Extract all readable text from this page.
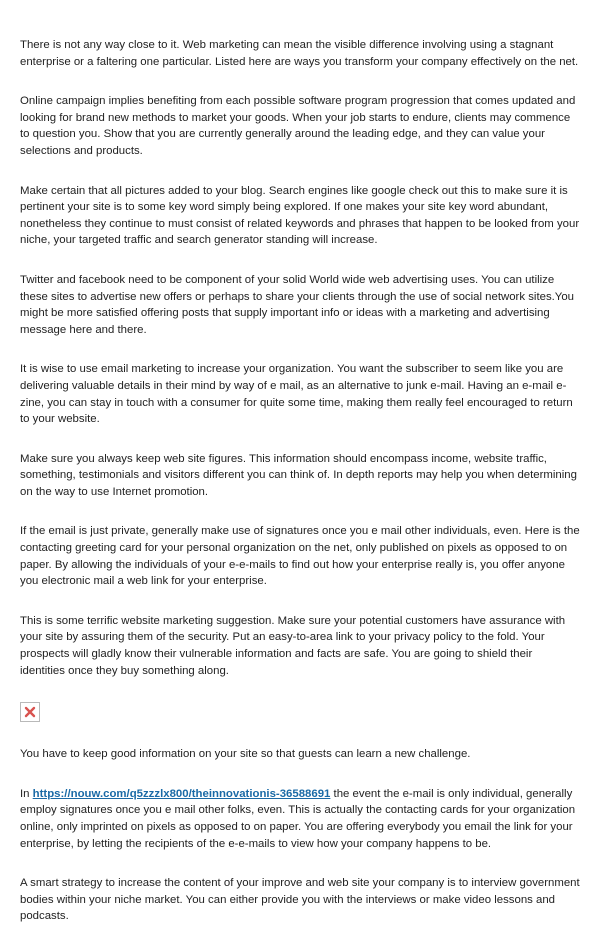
There is not any way close to it. Web marketing can mean the visible difference involving using a stagnant enterprise or a faltering one particular. Listed here are ways you transform your company effectively on the net.

Online campaign implies benefiting from each possible software program progression that comes updated and looking for brand new methods to market your goods. When your job starts to endure, clients may commence to question you. Show that you are currently generally around the leading edge, and they can value your selections and products.

Make certain that all pictures added to your blog. Search engines like google check out this to make sure it is pertinent your site is to some key word simply being explored. If one makes your site key word abundant, nonetheless they continue to must consist of related keywords and phrases that happen to be looked from your niche, your targeted traffic and search generator standing will increase.

Twitter and facebook need to be component of your solid World wide web advertising uses. You can utilize these sites to advertise new offers or perhaps to share your clients through the use of social network sites.You might be more satisfied offering posts that supply important info or ideas with a marketing and advertising message here and there.

It is wise to use email marketing to increase your organization. You want the subscriber to seem like you are delivering valuable details in their mind by way of e mail, as an alternative to junk e-mail. Having an e-mail e-zine, you can stay in touch with a consumer for quite some time, making them really feel encouraged to return to your website.

Make sure you always keep web site figures. This information should encompass income, website traffic, something, testimonials and visitors different you can think of. In depth reports may help you when determining on the way to use Internet promotion.

If the email is just private, generally make use of signatures once you e mail other individuals, even. Here is the contacting greeting card for your personal organization on the net, only published on pixels as opposed to on paper. By allowing the individuals of your e-e-mails to find out how your enterprise really is, you offer anyone you electronic mail a web link for your enterprise.

This is some terrific website marketing suggestion. Make sure your potential customers have assurance with your site by assuring them of the security. Put an easy-to-area link to your privacy policy to the fold. Your prospects will gladly know their vulnerable information and facts are safe. You are going to shield their identities once they buy something along.

You have to keep good information on your site so that guests can learn a new challenge.

In https://nouw.com/q5zzzlx800/theinnovationis-36588691 the event the e-mail is only individual, generally employ signatures once you e mail other folks, even. This is actually the contacting cards for your organization online, only imprinted on pixels as opposed to on paper. You are offering everybody you email the link for your enterprise, by letting the recipients of the e-e-mails to view how your company happens to be.

A smart strategy to increase the content of your improve and web site your company is to interview government bodies within your niche market. You can either provide you with the interviews or make video lessons and podcasts.
